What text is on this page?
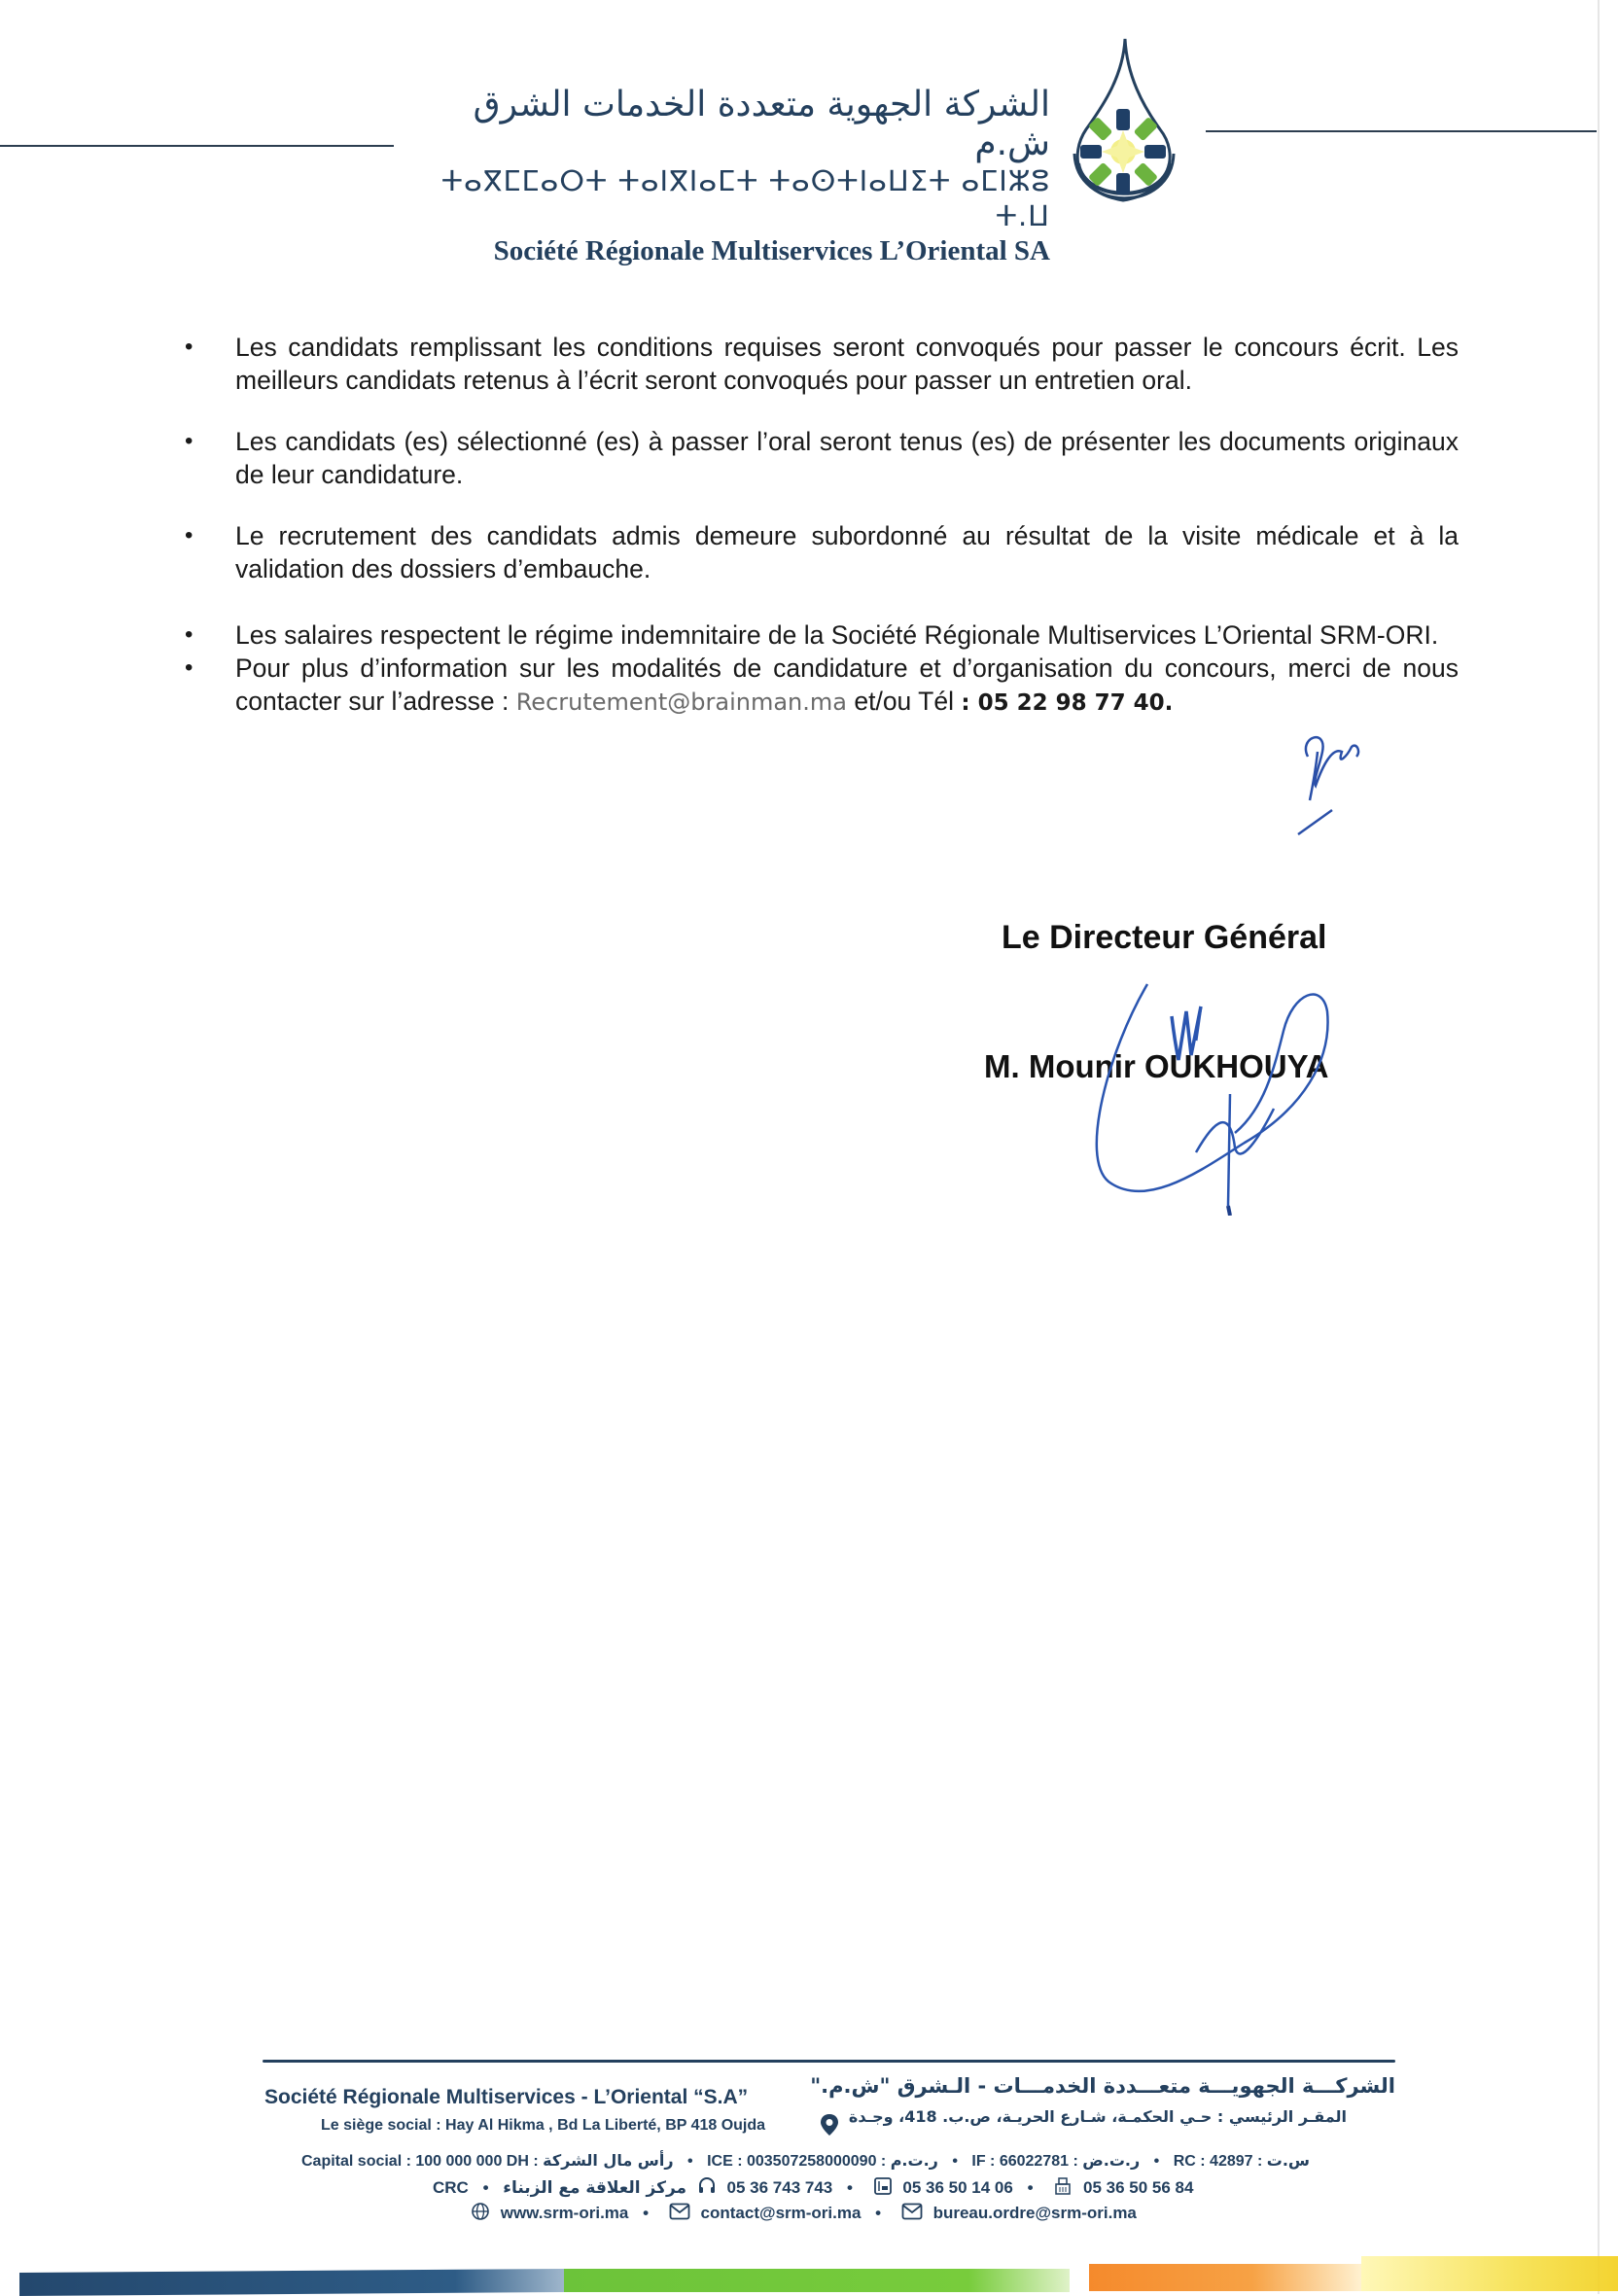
الشركة الجهوية متعددة الخدمات الشرق ش.م
ⵜⴰⴳⵎⵎⴰⵔⵜ ⵜⴰⵏⴳⵏⴰⵎⵜ ⵜⴰⵙⵜⵏⴰⵡⵉⵜ ⴰⵎⵏⵣⵓ ⵜ.ⵡ
Société Régionale Multiservices L’Oriental SA
• Les candidats remplissant les conditions requises seront convoqués pour passer le concours écrit. Les meilleurs candidats retenus à l’écrit seront convoqués pour passer un entretien oral.
• Les candidats (es) sélectionné (es) à passer l’oral seront tenus (es) de présenter les documents originaux de leur candidature.
• Le recrutement des candidats admis demeure subordonné au résultat de la visite médicale et à la validation des dossiers d’embauche.
• Les salaires respectent le régime indemnitaire de la Société Régionale Multiservices L’Oriental SRM-ORI.
• Pour plus d’information sur les modalités de candidature et d’organisation du concours, merci de nous contacter sur l’adresse : Recrutement@brainman.ma et/ou Tél : 05 22 98 77 40.
Le Directeur Général
M. Mounir OUKHOUYA
Société Régionale Multiservices - L’Oriental “S.A”	الشركـــة الجهويـــة متعـــددة الخدمـــات - الـشرق "ش.م."
Le siège social : Hay Al Hikma , Bd La Liberté, BP 418 Oujda	المقـر الرئيسي : حـي الحكمـة، شـارع الحريـة، ص.ب. 418، وجـدة
Capital social : 100 000 000 DH : رأس مال الشركة • ICE : 003507258000090 : ر.ت.م • IF : 66022781 : ر.ت.ض • RC : 42897 : س.ت
CRC • مركز العلاقة مع الزبناء 05 36 743 743 •	05 36 50 14 06 •	05 36 50 56 84
www.srm-ori.ma •	contact@srm-ori.ma •	bureau.ordre@srm-ori.ma
